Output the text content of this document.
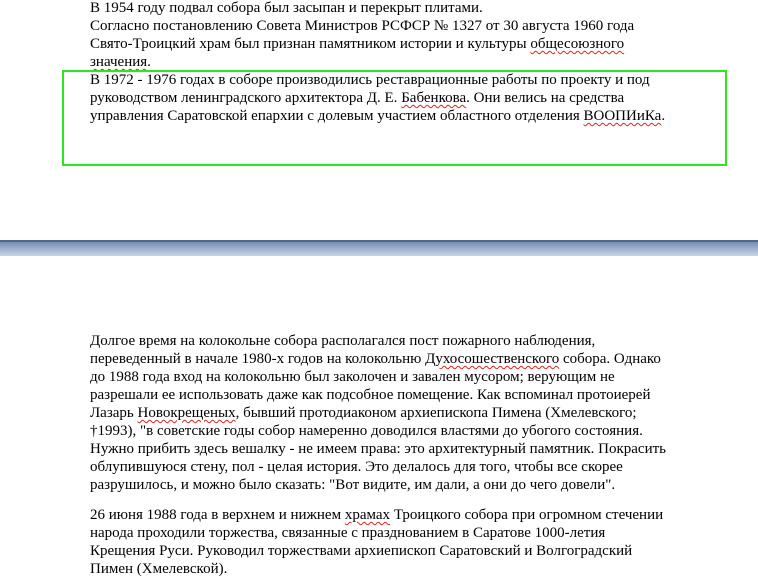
В 1954 году подвал собора был засыпан и перекрыт плитами.
Согласно постановлению Совета Министров РСФСР № 1327 от 30 августа 1960 года
Свято-Троицкий храм был признан памятником истории и культуры общесоюзного
значения.
В 1972 - 1976 годах в соборе производились реставрационные работы по проекту и под
руководством ленинградского архитектора Д. Е. Бабенкова. Они велись на средства
управления Саратовской епархии с долевым участием областного отделения ВООПИиКа.
Долгое время на колокольне собора располагался пост пожарного наблюдения,
переведенный в начале 1980-х годов на колокольню Духосошественского собора. Однако
до 1988 года вход на колокольню был заколочен и завален мусором; верующим не
разрешали ее использовать даже как подсобное помещение. Как вспоминал протоиерей
Лазарь Новокрещеных, бывший протодиаконом архиепископа Пимена (Хмелевского;
†1993), "в советские годы собор намеренно доводился властями до убогого состояния.
Нужно прибить здесь вешалку - не имеем права: это архитектурный памятник. Покрасить
облупившуюся стену, пол - целая история. Это делалось для того, чтобы все скорее
разрушилось, и можно было сказать: "Вот видите, им дали, а они до чего довели".
26 июня 1988 года в верхнем и нижнем храмах Троицкого собора при огромном стечении
народа проходили торжества, связанные с празднованием в Саратове 1000-летия
Крещения Руси. Руководил торжествами архиепископ Саратовский и Волгоградский
Пимен (Хмелевской).
